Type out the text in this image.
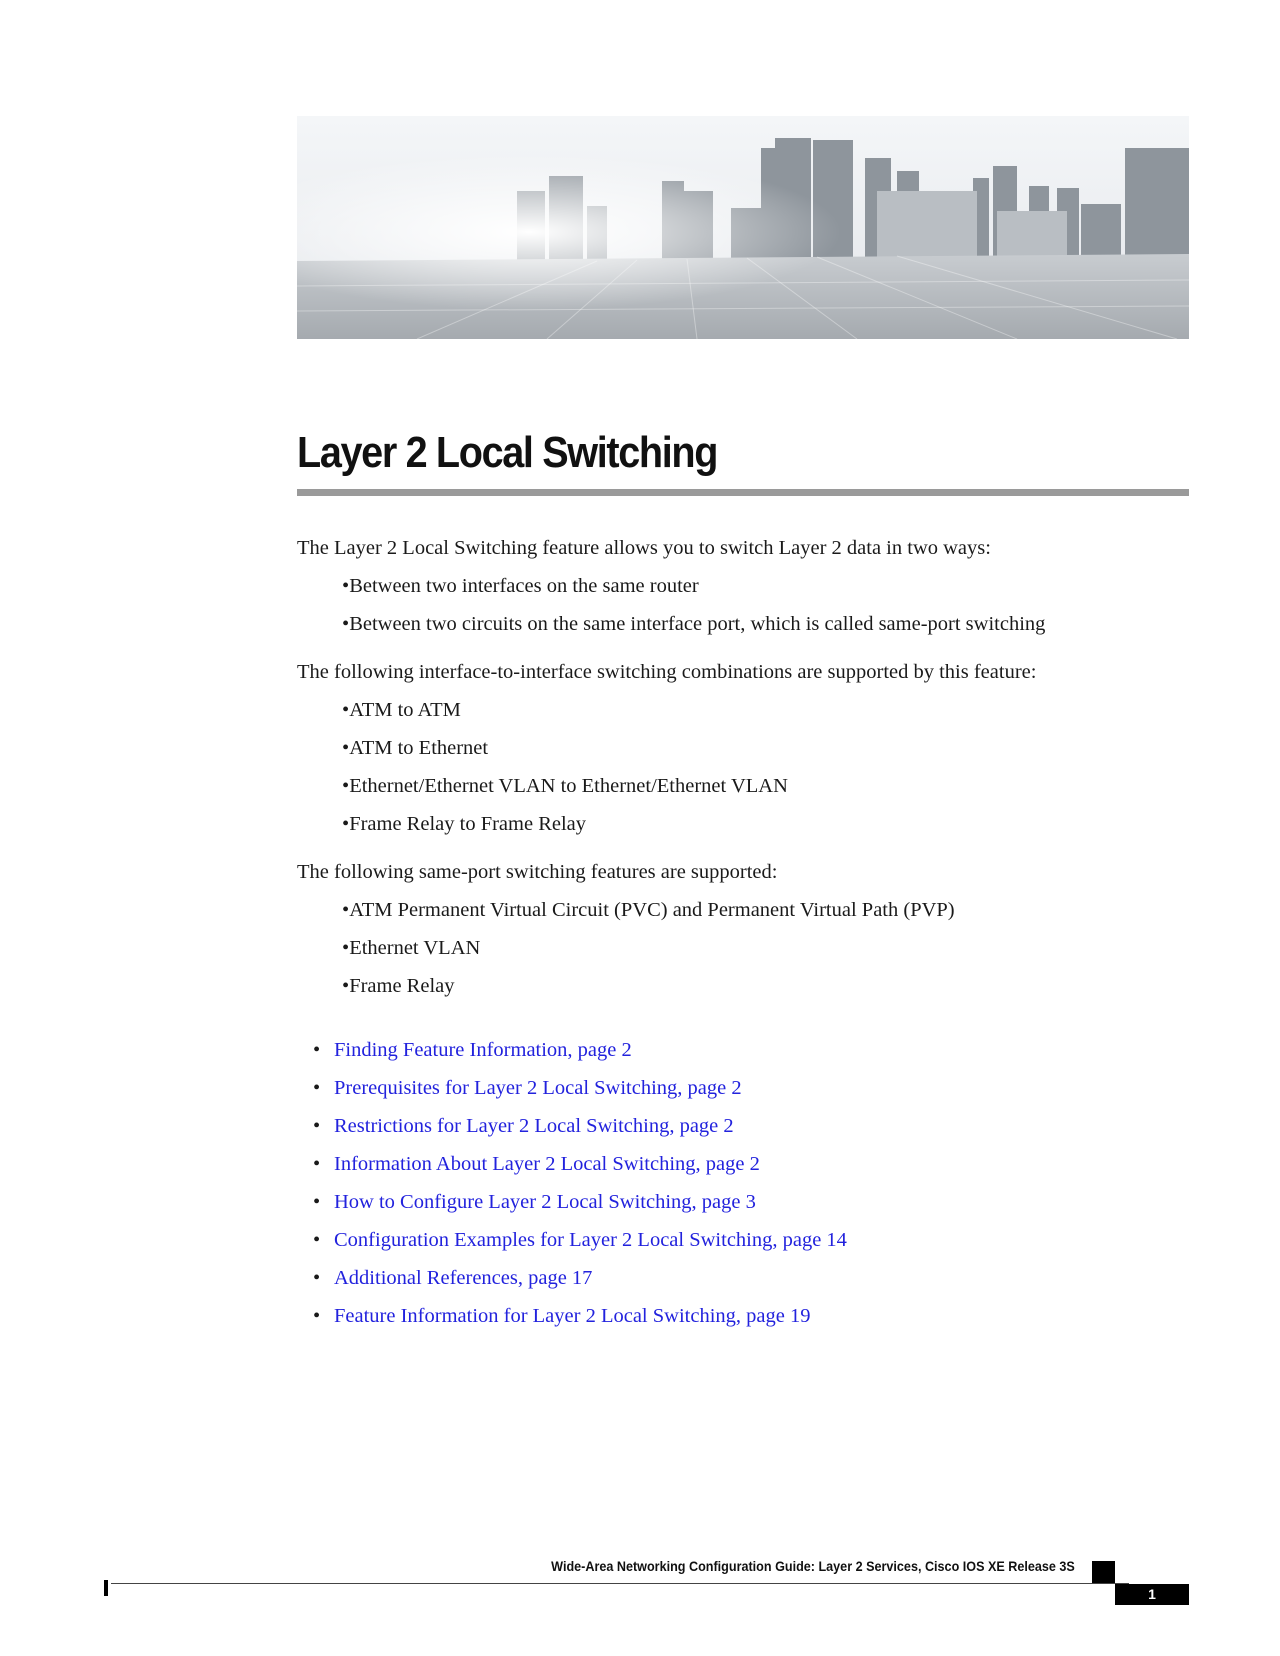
Layer 2 Local Switching

The Layer 2 Local Switching feature allows you to switch Layer 2 data in two ways:

• Between two interfaces on the same router
• Between two circuits on the same interface port, which is called same-port switching

The following interface-to-interface switching combinations are supported by this feature:

• ATM to ATM
• ATM to Ethernet
• Ethernet/Ethernet VLAN to Ethernet/Ethernet VLAN
• Frame Relay to Frame Relay

The following same-port switching features are supported:

• ATM Permanent Virtual Circuit (PVC) and Permanent Virtual Path (PVP)
• Ethernet VLAN
• Frame Relay
• Finding Feature Information, page 2
• Prerequisites for Layer 2 Local Switching, page 2
• Restrictions for Layer 2 Local Switching, page 2
• Information About Layer 2 Local Switching, page 2
• How to Configure Layer 2 Local Switching, page 3
• Configuration Examples for Layer 2 Local Switching, page 14
• Additional References, page 17
• Feature Information for Layer 2 Local Switching, page 19
Wide-Area Networking Configuration Guide: Layer 2 Services, Cisco IOS XE Release 3S
1
